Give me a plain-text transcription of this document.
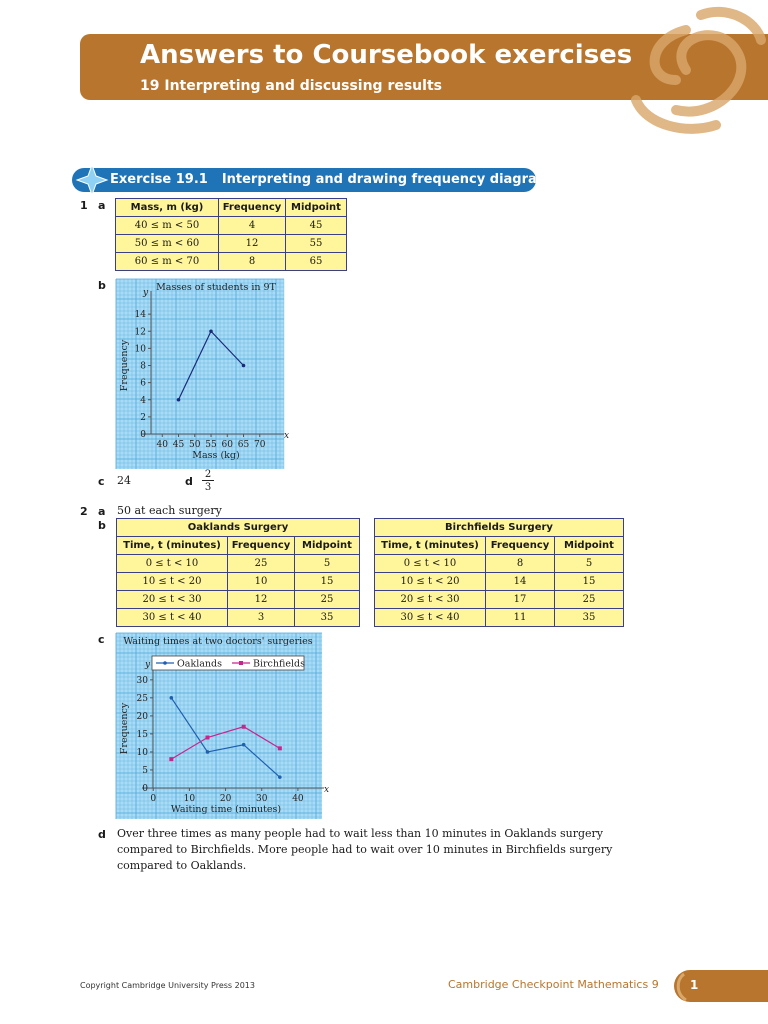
Answers to Coursebook exercises
19 Interpreting and discussing results
Exercise 19.1 Interpreting and drawing frequency diagrams
1 a	Mass, m (kg)	Frequency	Midpoint
40 ≤ m < 50	4	45
50 ≤ m < 60	12	55
60 ≤ m < 70	8	65
b
y
x
0
2
4
6
8
10
12
14
40 45 50 55 60 65 70
Masses of students in 9T
Mass (kg)
Frequency
c 24	d
2
3
2 a 50 at each surgery
b	Oaklands Surgery		
Time, t (minutes)	Frequency	Midpoint
0 ≤ t < 10	25	5
10 ≤ t < 20	10	15
20 ≤ t < 30	12	25
30 ≤ t < 40	3	35
Birchfields Surgery		
Time, t (minutes)	Frequency	Midpoint
0 ≤ t < 10	8	5
10 ≤ t < 20	14	15
20 ≤ t < 30	17	25
30 ≤ t < 40	11	35
c
y
x
0
5
10
15
20
25
30
0	10	20	30	40
Waiting times at two doctors' surgeries
Waiting time (minutes)
Frequency
Oaklands	Birchfields
d Over three times as many people had to wait less than 10 minutes in Oaklands surgery compared to Birchfields. More people had to wait over 10 minutes in Birchfields surgery compared to Oaklands.
Copyright Cambridge University Press 2013	Cambridge Checkpoint Mathematics 9	1
